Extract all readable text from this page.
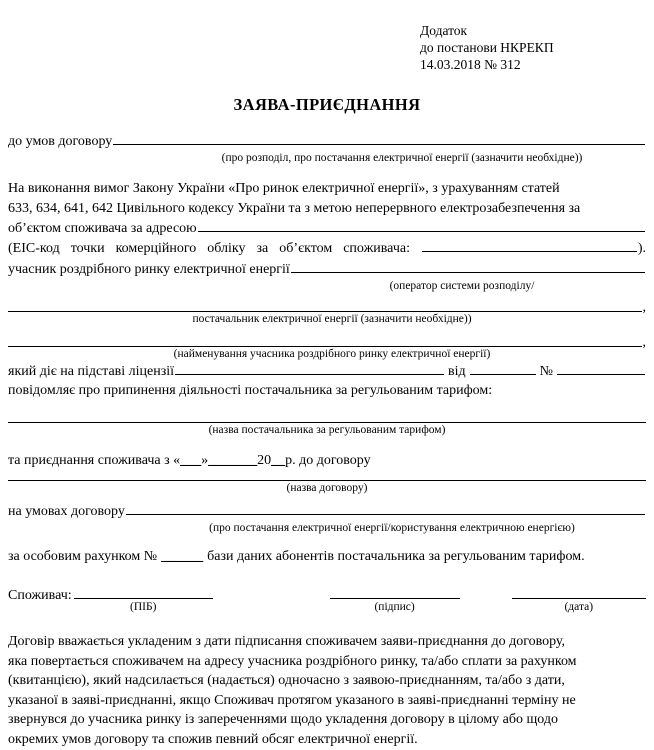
Додаток
до постанови НКРЕКП
14.03.2018 № 312
ЗАЯВА-ПРИЄДНАННЯ
до умов договору
(про розподіл, про постачання електричної енергії (зазначити необхідне))
На виконання вимог Закону України «Про ринок електричної енергії», з урахуванням статей
633, 634, 641, 642 Цивільного кодексу України та з метою неперервного електрозабезпечення за
об’єктом споживача за адресою
(ЕІС-код точки комерційного обліку за об’єктом споживача:	).
учасник роздрібного ринку електричної енергії
(оператор системи розподілу/
,
постачальник електричної енергії (зазначити необхідне))
,
(найменування учасника роздрібного ринку електричної енергії)
який діє на підставі ліцензії	від	№
повідомляє про припинення діяльності постачальника за регульованим тарифом:
(назва постачальника за регульованим тарифом)
та приєднання споживача з « ___ » _______ 20 __ р. до договору
(назва договору)
на умовах договору
(про постачання електричної енергії/користування електричною енергією)
за особовим рахунком № ______ бази даних абонентів постачальника за регульованим тарифом.
Споживач:
(ПІБ)	(підпис)	(дата)
Договір вважається укладеним з дати підписання споживачем заяви-приєднання до договору,
яка повертається споживачем на адресу учасника роздрібного ринку, та/або сплати за рахунком
(квитанцією), який надсилається (надається) одночасно з заявою-приєднанням, та/або з дати,
указаної в заяві-приєднанні, якщо Споживач протягом указаного в заяві-приєднанні терміну не
звернувся до учасника ринку із запереченнями щодо укладення договору в цілому або щодо
окремих умов договору та спожив певний обсяг електричної енергії.
